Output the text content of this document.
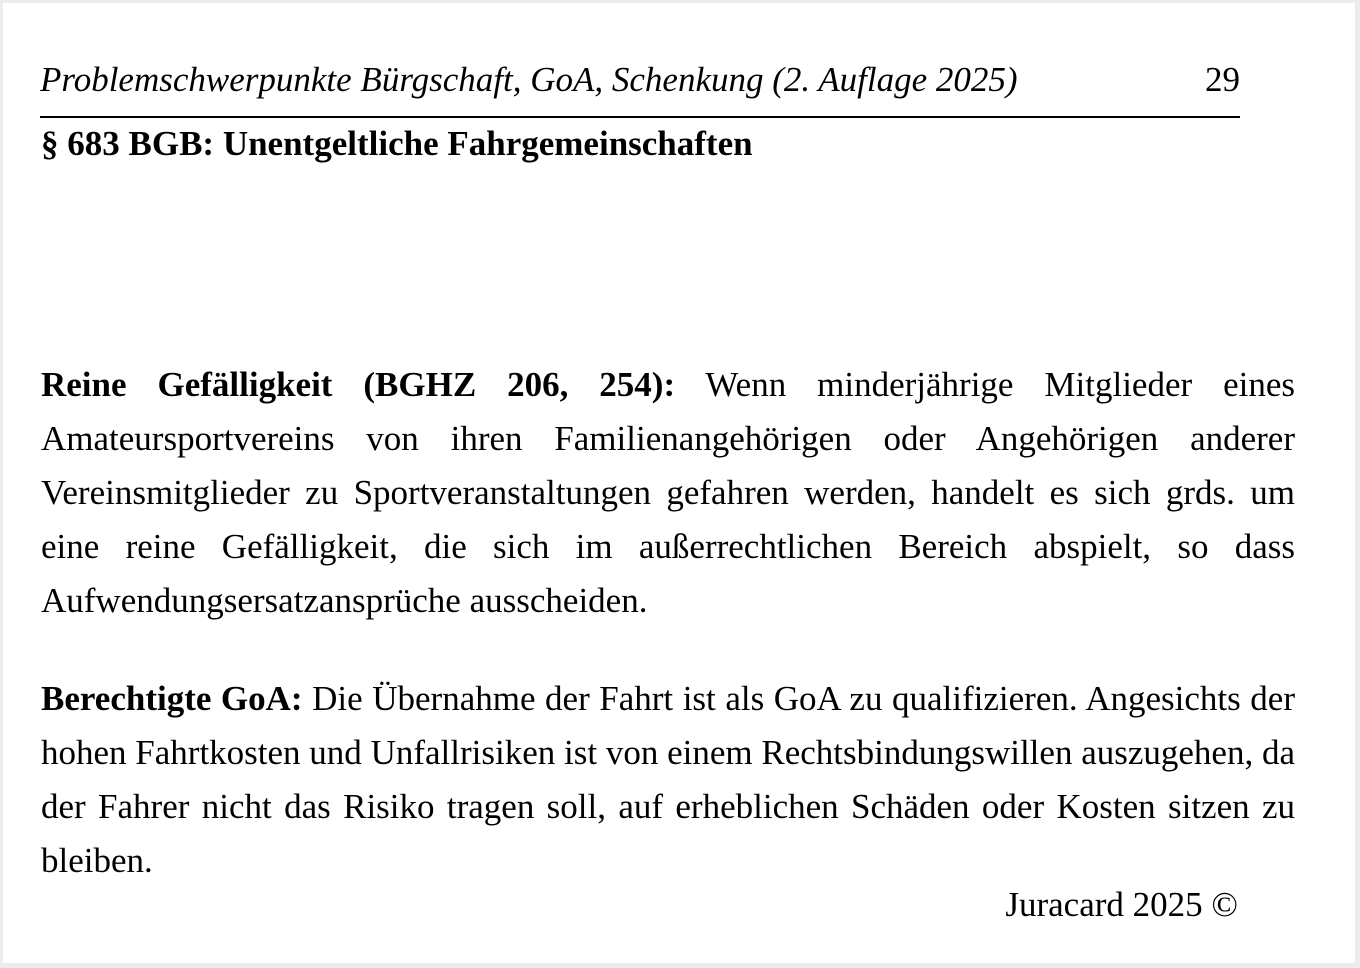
Problemschwerpunkte Bürgschaft, GoA, Schenkung (2. Auflage 2025)	29
§ 683 BGB: Unentgeltliche Fahrgemeinschaften

Reine Gefälligkeit (BGHZ 206, 254): Wenn minderjährige Mitglieder eines Amateursportvereins von ihren Familienangehörigen oder Angehörigen anderer Vereinsmitglieder zu Sportveranstaltungen gefahren werden, handelt es sich grds. um eine reine Gefälligkeit, die sich im außerrechtlichen Bereich abspielt, so dass Aufwendungsersatzansprüche ausscheiden.

Berechtigte GoA: Die Übernahme der Fahrt ist als GoA zu qualifizieren. Angesichts der hohen Fahrtkosten und Unfallrisiken ist von einem Rechtsbindungswillen auszugehen, da der Fahrer nicht das Risiko tragen soll, auf erheblichen Schäden oder Kosten sitzen zu bleiben.

Juracard 2025 ©
